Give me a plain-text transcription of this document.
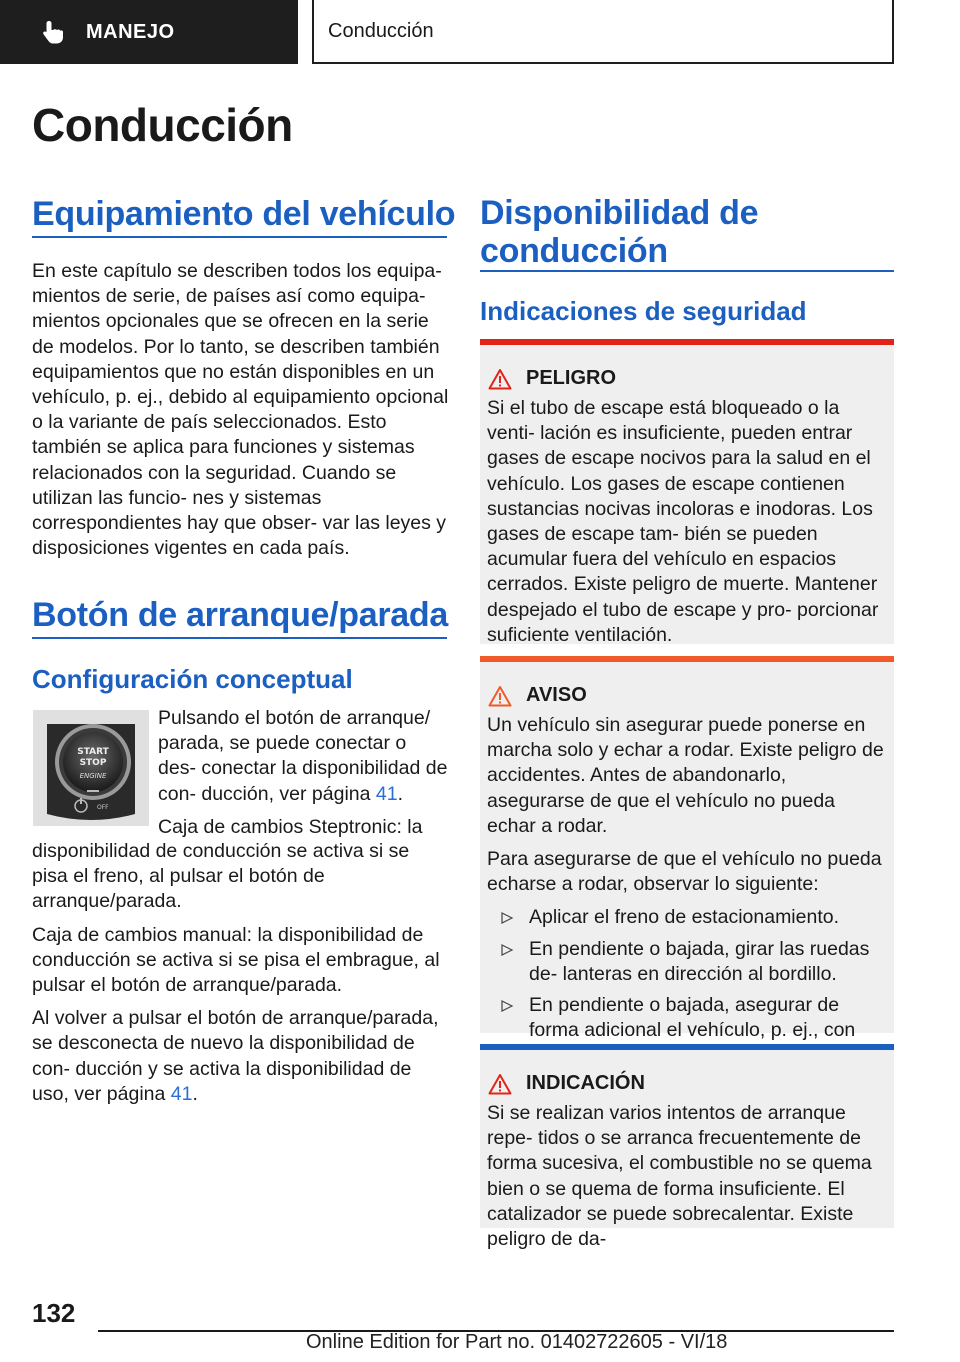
MANEJO	Conducción
Conducción
Equipamiento del vehículo

En este capítulo se describen todos los equipa- mientos de serie, de países así como equipa- mientos opcionales que se ofrecen en la serie de modelos. Por lo tanto, se describen también equipamientos que no están disponibles en un vehículo, p. ej., debido al equipamiento opcional o la variante de país seleccionados. Esto también se aplica para funciones y sistemas relacionados con la seguridad. Cuando se utilizan las funcio- nes y sistemas correspondientes hay que obser- var las leyes y disposiciones vigentes en cada país.

Botón de arranque/parada
Configuración conceptual
START
STOP
ENGINE
OFF

Pulsando el botón de arranque/ parada, se puede conectar o des- conectar la disponibilidad de con- ducción, ver página 41.

Caja de cambios Steptronic: la

disponibilidad de conducción se activa si se pisa el freno, al pulsar el botón de arranque/parada.

Caja de cambios manual: la disponibilidad de conducción se activa si se pisa el embrague, al pulsar el botón de arranque/parada.

Al volver a pulsar el botón de arranque/parada, se desconecta de nuevo la disponibilidad de con- ducción y se activa la disponibilidad de uso, ver página 41.

Disponibilidad de conducción
Indicaciones de seguridad
PELIGRO

Si el tubo de escape está bloqueado o la venti- lación es insuficiente, pueden entrar gases de escape nocivos para la salud en el vehículo. Los gases de escape contienen sustancias nocivas incoloras e inodoras. Los gases de escape tam- bién se pueden acumular fuera del vehículo en espacios cerrados. Existe peligro de muerte. Mantener despejado el tubo de escape y pro- porcionar suficiente ventilación.

AVISO

Un vehículo sin asegurar puede ponerse en marcha solo y echar a rodar. Existe peligro de accidentes. Antes de abandonarlo, asegurarse de que el vehículo no pueda echar a rodar.

Para asegurarse de que el vehículo no pueda echarse a rodar, observar lo siguiente:

Aplicar el freno de estacionamiento.
En pendiente o bajada, girar las ruedas de- lanteras en dirección al bordillo.
En pendiente o bajada, asegurar de forma adicional el vehículo, p. ej., con
INDICACIÓN

Si se realizan varios intentos de arranque repe- tidos o se arranca frecuentemente de forma sucesiva, el combustible no se quema bien o se quema de forma insuficiente. El catalizador se puede sobrecalentar. Existe peligro de da-

132
Online Edition for Part no. 01402722605 - VI/18
